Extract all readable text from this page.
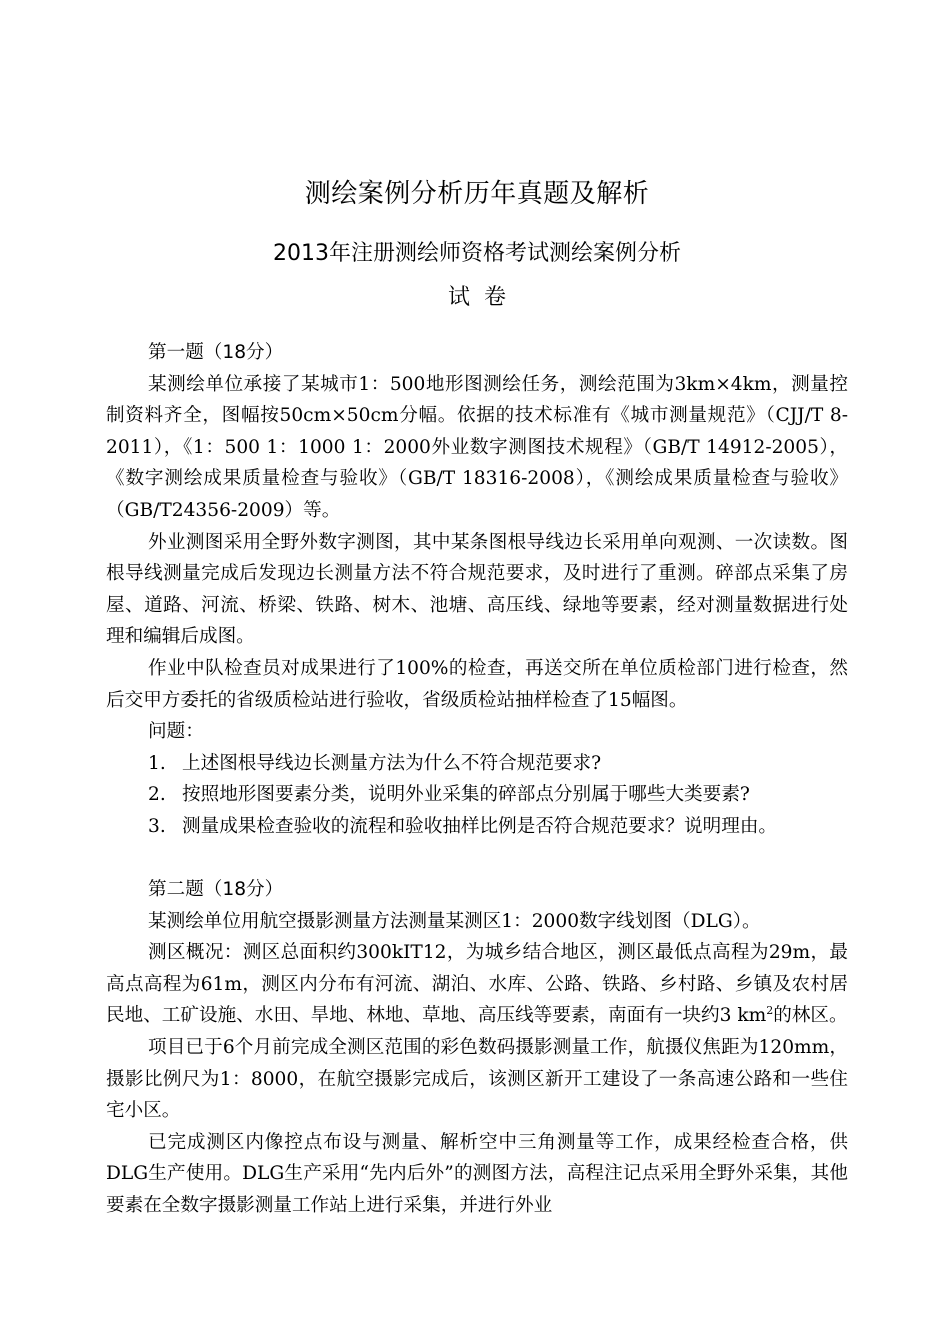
测绘案例分析历年真题及解析
2013年注册测绘师资格考试测绘案例分析
试卷

第一题（18分）

某测绘单位承接了某城市1：500地形图测绘任务，测绘范围为3km×4km，测量控制资料齐全，图幅按50cm×50cm分幅。依据的技术标准有《城市测量规范》（CJJ/T 8-2011），《1：500 1：1000 1：2000外业数字测图技术规程》（GB/T 14912-2005），《数字测绘成果质量检查与验收》（GB/T 18316-2008），《测绘成果质量检查与验收》 （GB/T24356-2009）等。

外业测图采用全野外数字测图，其中某条图根导线边长采用单向观测、一次读数。图根导线测量完成后发现边长测量方法不符合规范要求，及时进行了重测。碎部点采集了房屋、道路、河流、桥梁、铁路、树木、池塘、高压线、绿地等要素，经对测量数据进行处理和编辑后成图。

作业中队检查员对成果进行了100%的检查，再送交所在单位质检部门进行检查，然后交甲方委托的省级质检站进行验收，省级质检站抽样检查了15幅图。

问题：

1. 上述图根导线边长测量方法为什么不符合规范要求?

2. 按照地形图要素分类，说明外业采集的碎部点分别属于哪些大类要素?

3. 测量成果检查验收的流程和验收抽样比例是否符合规范要求？说明理由。

第二题（18分）

某测绘单位用航空摄影测量方法测量某测区1：2000数字线划图（DLG）。

测区概况：测区总面积约300kIT12，为城乡结合地区，测区最低点高程为29m，最高点高程为61m，测区内分布有河流、湖泊、水库、公路、铁路、乡村路、乡镇及农村居民地、工矿设施、水田、旱地、林地、草地、高压线等要素，南面有一块约3 $km^2$的林区。

项目已于6个月前完成全测区范围的彩色数码摄影测量工作，航摄仪焦距为120mm，摄影比例尺为1：8000，在航空摄影完成后，该测区新开工建设了一条高速公路和一些住宅小区。

已完成测区内像控点布设与测量、解析空中三角测量等工作，成果经检查合格，供DLG生产使用。DLG生产采用“先内后外”的测图方法，高程注记点采用全野外采集，其他要素在全数字摄影测量工作站上进行采集，并进行外业
